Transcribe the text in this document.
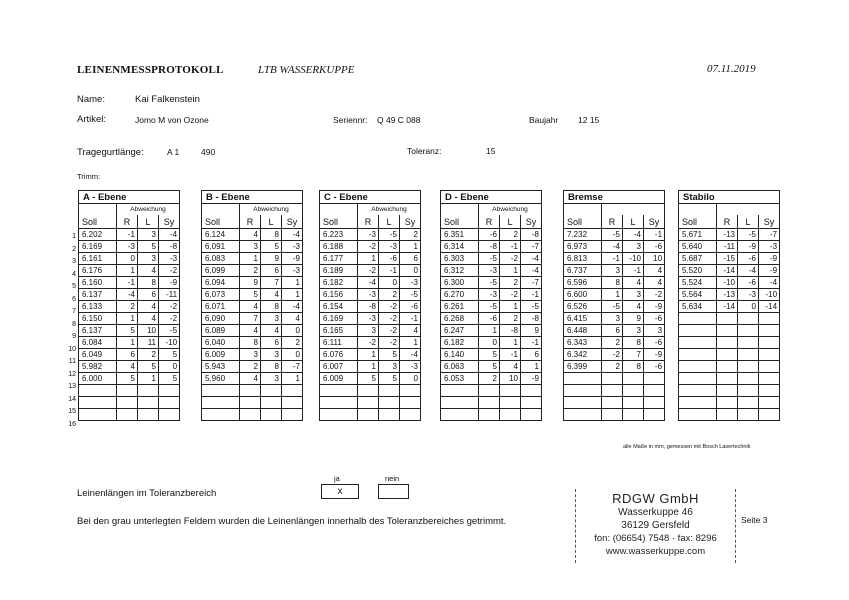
LEINENMESSPROTOKOLL	LTB WASSERKUPPE	07.11.2019
Name:	Kai Falkenstein
Artikel:	Jomo M von Ozone	Seriennr: Q 49 C 088	Baujahr 12 15
Tragegurtlänge:	A 1	490	Toleranz:	15
Trimm:
1
2
3
4
5
6
7
8
9
10
11
12
13
14
15
16
A - Ebene			
	Abweichung		
Soll	R	L	Sy
6.202	-1	3	-4
6.169	-3	5	-8
6.161	0	3	-3
6.176	1	4	-2
6.160	-1	8	-9
6.137	-4	6	-11
6.133	2	4	-2
6.150	1	4	-2
6.137	5	10	-5
6.084	1	11	-10
6.049	6	2	5
5.982	4	5	0
6.000	5	1	5

B - Ebene			
	Abweichung		
Soll	R	L	Sy
6.124	4	8	-4
6.091	3	5	-3
6.083	1	9	-9
6.099	2	6	-3
6.094	9	7	1
6.073	5	4	1
6.071	4	8	-4
6.090	7	3	4
6.089	4	4	0
6.040	8	6	2
6.009	3	3	0
5.943	2	8	-7
5.960	4	3	1

C - Ebene			
	Abweichung		
Soll	R	L	Sy
6.223	-3	-5	2
6.188	-2	-3	1
6.177	1	-6	6
6.189	-2	-1	0
6.182	-4	0	-3
6.156	-3	2	-5
6.154	-8	-2	-6
6.169	-3	-2	-1
6.165	3	-2	4
6.111	-2	-2	1
6.076	1	5	-4
6.007	1	3	-3
6.009	5	5	0

D - Ebene			
	Abweichung		
Soll	R	L	Sy
6.351	-6	2	-8
6.314	-8	-1	-7
6.303	-5	-2	-4
6.312	-3	1	-4
6.300	-5	2	-7
6.270	-3	-2	-1
6.261	-5	1	-5
6.268	-6	2	-8
6.247	1	-8	9
6.182	0	1	-1
6.140	5	-1	6
6.063	5	4	1
6.053	2	10	-9

Bremse			

Soll	R	L	Sy
7.232	-5	-4	-1
6.973	-4	3	-6
6.813	-1	-10	10
6.737	3	-1	4
6.596	8	4	4
6.600	1	3	-2
6.526	-5	4	-9
6.415	3	9	-6
6.448	6	3	3
6.343	2	8	-6
6.342	-2	7	-9
6.399	2	8	-6

Stabilo			

Soll	R	L	Sy
5.671	-13	-5	-7
5.640	-11	-9	-3
5.687	-15	-6	-9
5.520	-14	-4	-9
5.524	-10	-6	-4
5.564	-13	-3	-10
5.634	-14	0	-14

alle Maße in mm, gemessen mit Bosch Lasertechnik
ja	nein
Leinenlängen im Toleranzbereich	x
Bei den grau unterlegten Feldern wurden die Leinenlängen innerhalb des Toleranzbereiches getrimmt.
RDGW GmbH
Wasserkuppe 46
36129 Gersfeld
fon: (06654) 7548 · fax: 8296
www.wasserkuppe.com
Seite 3
